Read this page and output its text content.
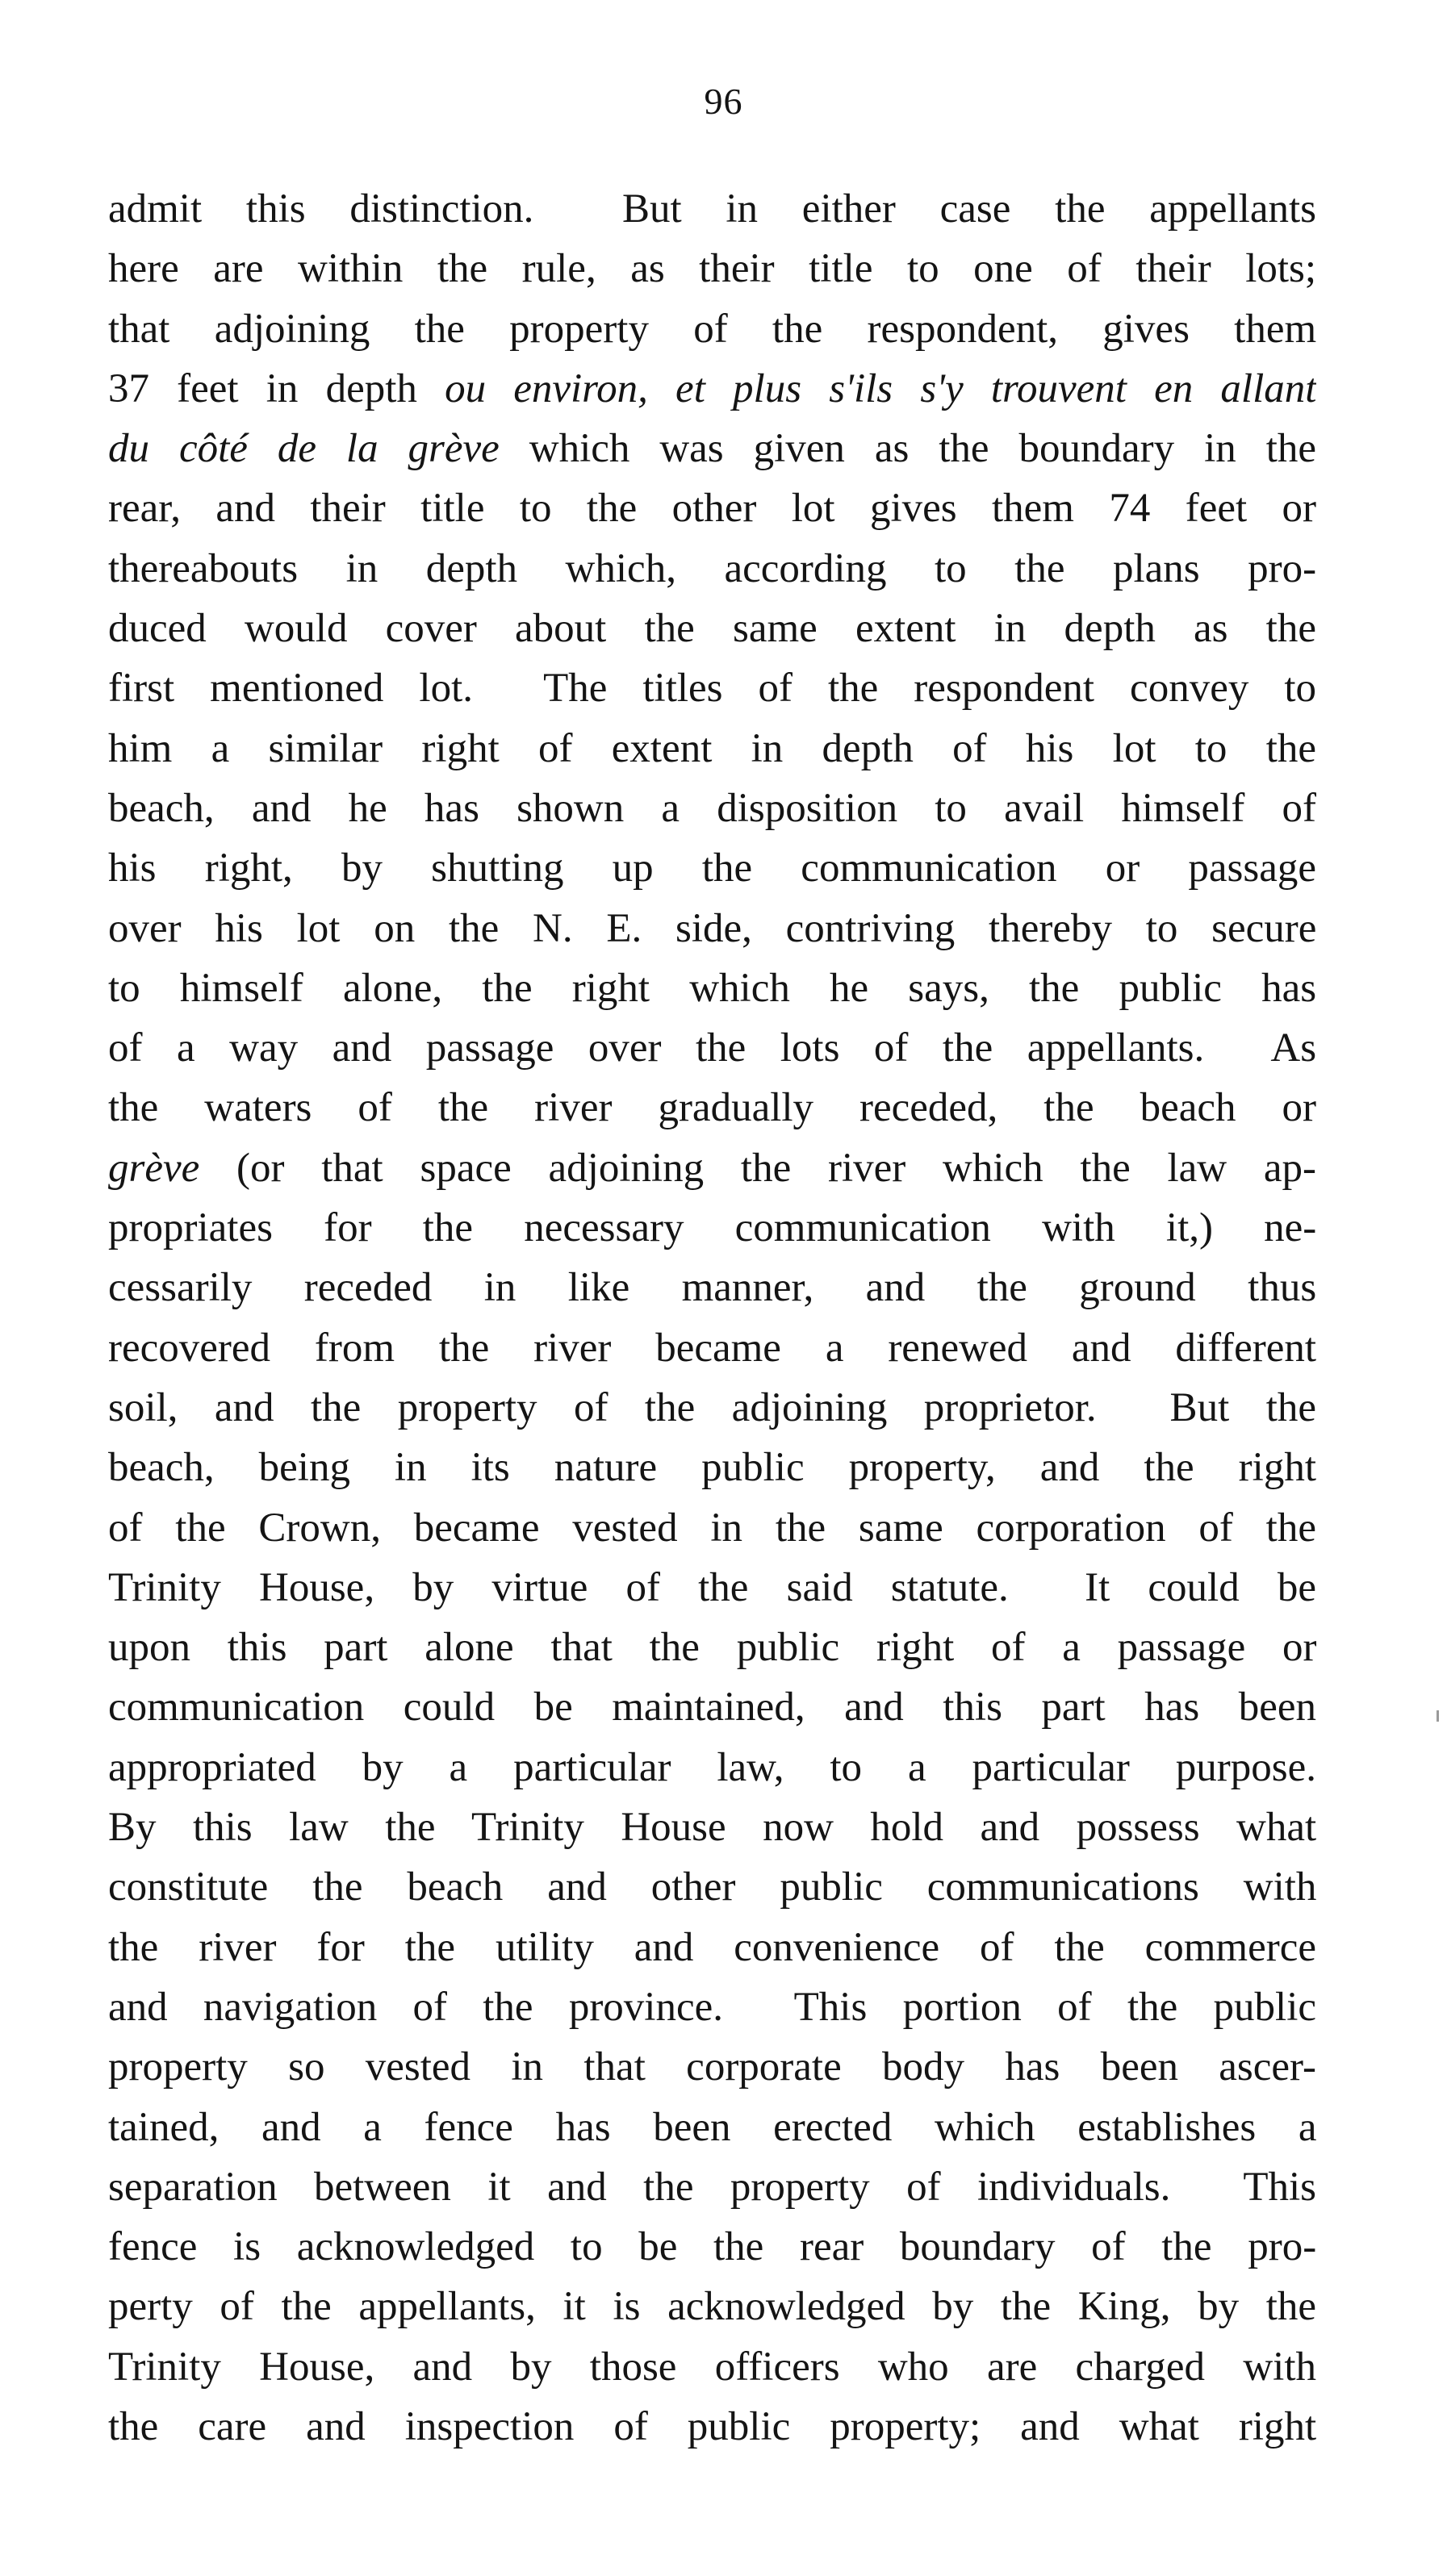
96
admit this distinction.  But in either case the appellants
here are within the rule, as their title to one of their lots;
that adjoining the property of the respondent, gives them
37 feet in depth ou environ, et plus s'ils s'y trouvent en allant
du côté de la grève which was given as the boundary in the
rear, and their title to the other lot gives them 74 feet or
thereabouts in depth which, according to the plans pro-
duced would cover about the same extent in depth as the
first mentioned lot.  The titles of the respondent convey to
him a similar right of extent in depth of his lot to the
beach, and he has shown a disposition to avail himself of
his right, by shutting up the communication or passage
over his lot on the N. E. side, contriving thereby to secure
to himself alone, the right which he says, the public has
of a way and passage over the lots of the appellants.  As
the waters of the river gradually receded, the beach or
grève (or that space adjoining the river which the law ap-
propriates for the necessary communication with it,) ne-
cessarily receded in like manner, and the ground thus
recovered from the river became a renewed and different
soil, and the property of the adjoining proprietor.  But the
beach, being in its nature public property, and the right
of the Crown, became vested in the same corporation of the
Trinity House, by virtue of the said statute.  It could be
upon this part alone that the public right of a passage or
communication could be maintained, and this part has been
appropriated by a particular law, to a particular purpose.
By this law the Trinity House now hold and possess what
constitute the beach and other public communications with
the river for the utility and convenience of the commerce
and navigation of the province.  This portion of the public
property so vested in that corporate body has been ascer-
tained, and a fence has been erected which establishes a
separation between it and the property of individuals.  This
fence is acknowledged to be the rear boundary of the pro-
perty of the appellants, it is acknowledged by the King, by the
Trinity House, and by those officers who are charged with
the care and inspection of public property; and what right
